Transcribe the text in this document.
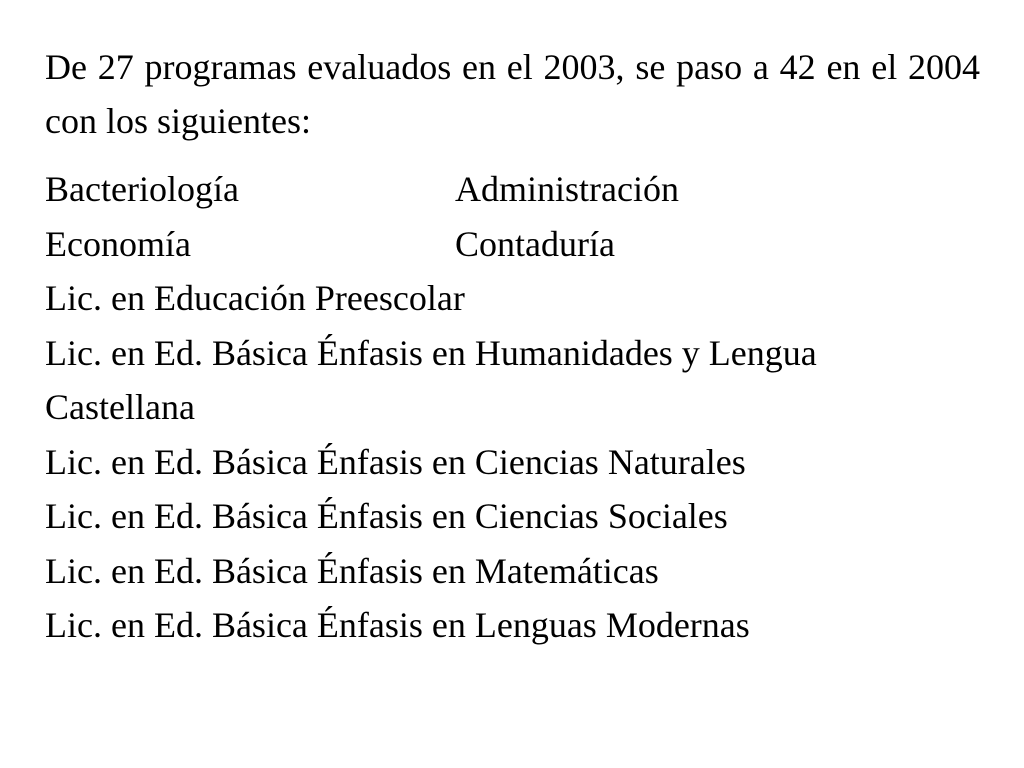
De 27 programas evaluados en el 2003, se paso a 42 en el 2004 con los siguientes:

Bacteriología	Administración
Economía	Contaduría
Lic. en Educación Preescolar
Lic. en Ed. Básica Énfasis en Humanidades y Lengua Castellana
Lic. en Ed. Básica Énfasis en Ciencias Naturales
Lic. en Ed. Básica Énfasis en Ciencias Sociales
Lic. en Ed. Básica Énfasis en Matemáticas
Lic. en Ed. Básica Énfasis en Lenguas Modernas
